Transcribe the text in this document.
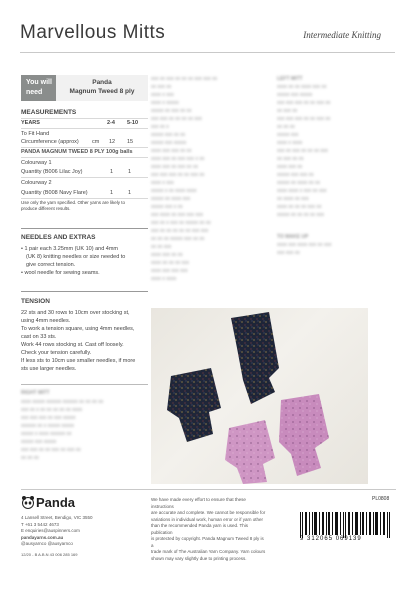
Marvellous Mitts	Intermediate Knitting
You will
need
Panda
Magnum Tweed 8 ply
MEASUREMENTS
YEARS	2-4 5-10
To Fit Hand
Circumference (approx) cm 12 15
PANDA MAGNUM TWEED 8 PLY 100g balls
Colourway 1
Quantity (B006 Lilac Joy)	1	1
Colourway 2
Quantity (B008 Navy Flare)	1	1
Use only the yarn specified. Other yarns are likely to
produce different results.
NEEDLES AND EXTRAS
• 1 pair each 3.25mm (UK 10) and 4mm
(UK 8) knitting needles or size needed to
give correct tension.
• wool needle for sewing seams.
TENSION
22 sts and 30 rows to 10cm over stocking st,
using 4mm needles.
To work a tension square, using 4mm needles,
cast on 33 sts.
Work 44 rows stocking st. Cast off loosely.
Check your tension carefully.
If less sts to 10cm use smaller needles, if more
sts use larger needles.
RIGHT MITT
xxxx xxxxx xxxxxx xxxxxx xx xx xx xx
xxx xx x xx xx xx xx xx xxxx
xxx xxx xxx xx xxx xxxxx
xxxxxx xx x xxxxx xxxxx
xxxxx x xxxx xxxxxx xx
xxxxx xxx xxxxx
xxx xxx xx xx xxx xx xxx xx
xx xx xx
xxx xx xxx xx xx xx xxx xxx xx
xx xxx xx
xxxx x xxx
xxxx x xxxxx
xxxxx xx xxx xx xx
xxx xxx xx xx xx xx xxx
xxx xx x
xxxxx xxx xx xx
xxxxx xxx xxxxx
xxxx xxx xxx xx xx
xxxx xxx xx xxx xxx x xx
xxxx xxx xx xxx xx xx
xxx xxx xxx xx xx xxx xx
xxxx x xxx
xxxxx x xx xxxx xxxx
xxxxx xx xxxx xxx
xxxxx xxx x xx
xxx xxxx xx xxx xxx xxx
xxx xx x xxx xx xxxxx xx xx
xxx xx xx xx xx xx xxx xxx
xx xx xx xxxxx xxx xx xx
xx xx xxx
xxxx xxx xx xx
xxxx xx xx xx xxx
xxxx xxx xxx xxx
xxxx x xxxx
LEFT MITT
xxxx xx xx xxxx xxx xx
xxxxx xxx xxxxx
xxx xxx xxx xx xx xxx xx
xx xxx xx
xxx xxx xxx xx xx xxx xx
xx xx xx
xxxxx xxx
xxxx x xxxx
xxx xx xxx xx xx xx xxx
xx xxx xx xx
xxxx xxx xx
xxxxx xxx xxx xx
xxxxx xx xxxx xx xx
xxxx xxxx x xxx xx xxx
xx xxxx xx xxx
xxxx xx xx xx xxx xx
xxxxx xx xx xx xx xxx
TO MAKE UP
xxxx xxx xxxx xxx xx xxx
xxx xxx xx
Panda
4 Lansell Street, Bendigo, VIC 3550
T +61 3 5442 4673
E enquiries@auspinners.com
pandayarns.com.au
@ausyarnco @ausyarnco
12/20 - B A.B.N 43 006 285 169
We have made every effort to ensure that these instructions
are accurate and complete. We cannot be responsible for
variations in individual work, human error or if yarn other
than the recommended Panda yarn is used. This publication
is protected by copyright. Panda Magnum Tweed 8 ply is a
trade mark of The Australian Yarn Company. Yarn colours
shown may vary slightly due to printing process.
PL0808
9 312065 069139
